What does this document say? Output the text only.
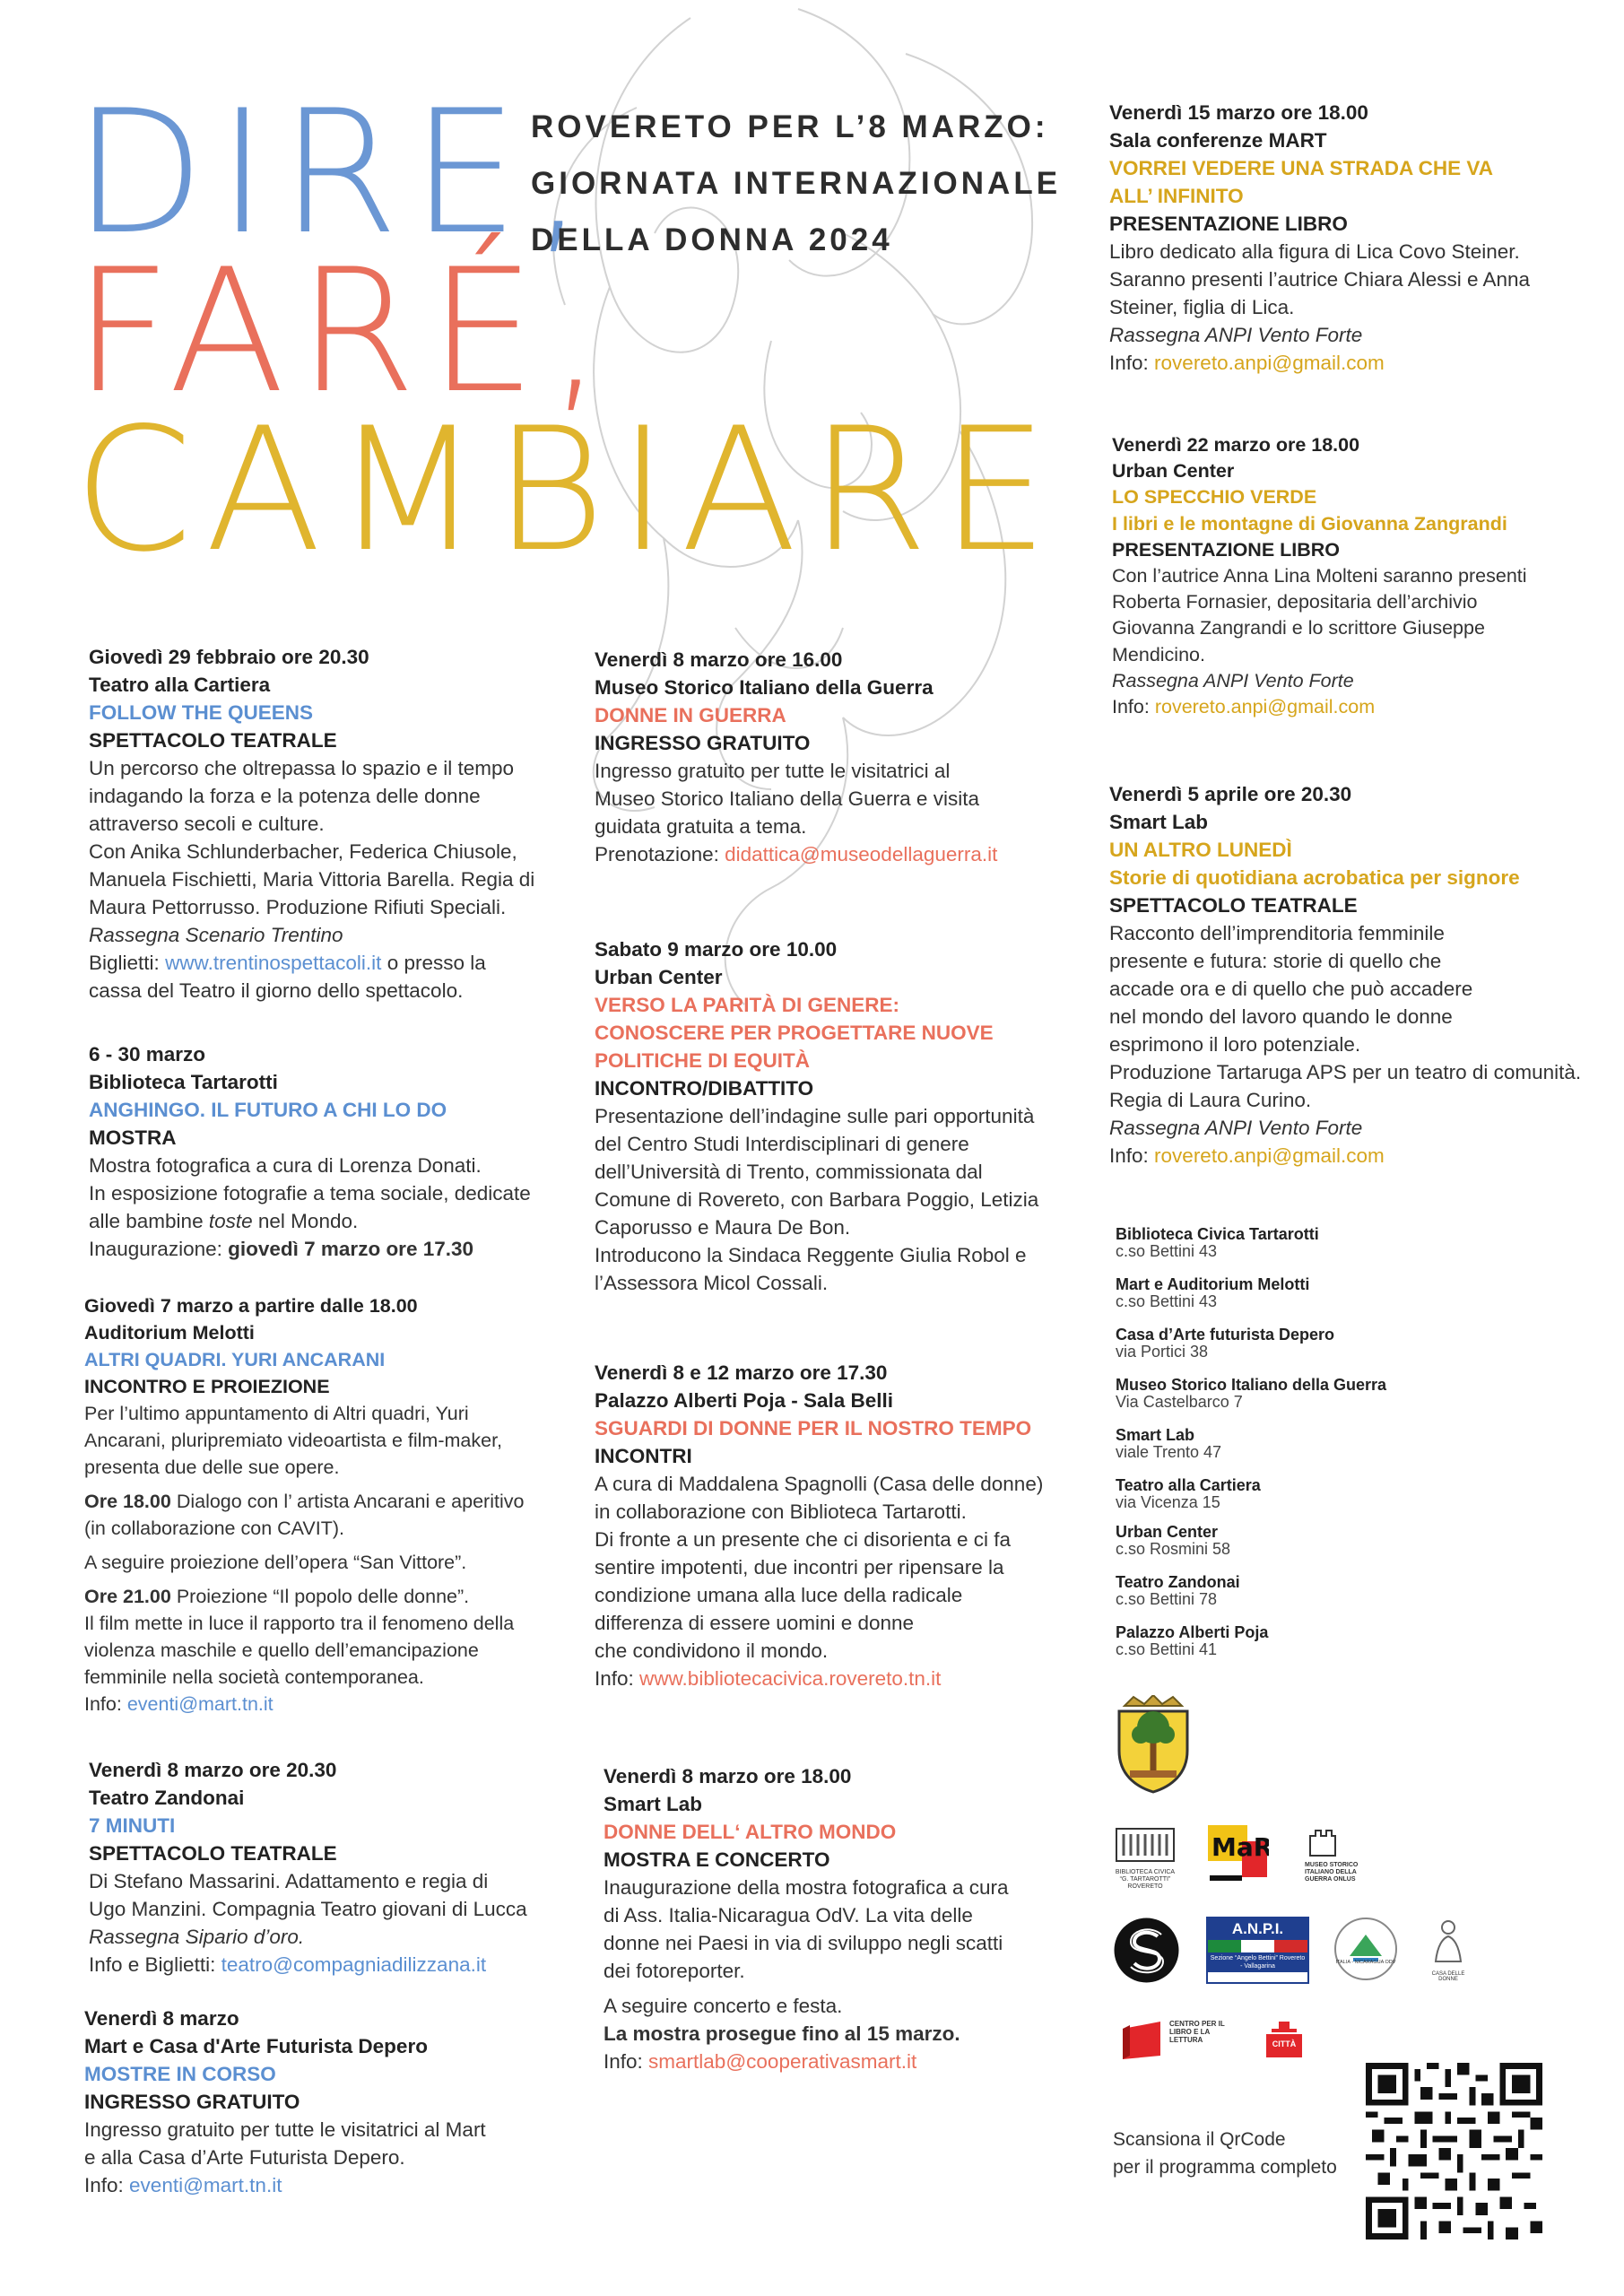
DIRE,
FARÉ,
CAMBIARE
ROVERETO PER L’8 MARZO:
GIORNATA INTERNAZIONALE
DELLA DONNA 2024

Giovedì 29 febbraio ore 20.30

Teatro alla Cartiera

FOLLOW THE QUEENS

SPETTACOLO TEATRALE

Un percorso che oltrepassa lo spazio e il tempo

indagando la forza e la potenza delle donne

attraverso secoli e culture.

Con Anika Schlunderbacher, Federica Chiusole,

Manuela Fischietti, Maria Vittoria Barella. Regia di

Maura Pettorrusso. Produzione Rifiuti Speciali.

Rassegna Scenario Trentino

Biglietti: www.trentinospettacoli.it o presso la

cassa del Teatro il giorno dello spettacolo.

6 - 30 marzo

Biblioteca Tartarotti

ANGHINGO. IL FUTURO A CHI LO DO

MOSTRA

Mostra fotografica a cura di Lorenza Donati.

In esposizione fotografie a tema sociale, dedicate

alle bambine toste nel Mondo.

Inaugurazione: giovedì 7 marzo ore 17.30

Giovedì 7 marzo a partire dalle 18.00

Auditorium Melotti

ALTRI QUADRI. YURI ANCARANI

INCONTRO E PROIEZIONE

Per l’ultimo appuntamento di Altri quadri, Yuri

Ancarani, pluripremiato videoartista e film-maker,

presenta due delle sue opere.

Ore 18.00 Dialogo con l’ artista Ancarani e aperitivo

(in collaborazione con CAVIT).

A seguire proiezione dell’opera “San Vittore”.

Ore 21.00 Proiezione “Il popolo delle donne”.

Il film mette in luce il rapporto tra il fenomeno della

violenza maschile e quello dell’emancipazione

femminile nella società contemporanea.

Info: eventi@mart.tn.it

Venerdì 8 marzo ore 20.30

Teatro Zandonai

7 MINUTI

SPETTACOLO TEATRALE

Di Stefano Massarini. Adattamento e regia di

Ugo Manzini. Compagnia Teatro giovani di Lucca

Rassegna Sipario d’oro.

Info e Biglietti: teatro@compagniadilizzana.it

Venerdì 8 marzo

Mart e Casa d'Arte Futurista Depero

MOSTRE IN CORSO

INGRESSO GRATUITO

Ingresso gratuito per tutte le visitatrici al Mart

e alla Casa d’Arte Futurista Depero.

Info: eventi@mart.tn.it

Venerdì 8 marzo ore 16.00

Museo Storico Italiano della Guerra

DONNE IN GUERRA

INGRESSO GRATUITO

Ingresso gratuito per tutte le visitatrici al

Museo Storico Italiano della Guerra e visita

guidata gratuita a tema.

Prenotazione: didattica@museodellaguerra.it

Sabato 9 marzo ore 10.00

Urban Center

VERSO LA PARITÀ DI GENERE:

CONOSCERE PER PROGETTARE NUOVE

POLITICHE DI EQUITÀ

INCONTRO/DIBATTITO

Presentazione dell’indagine sulle pari opportunità

del Centro Studi Interdisciplinari di genere

dell’Università di Trento, commissionata dal

Comune di Rovereto, con Barbara Poggio, Letizia

Caporusso e Maura De Bon.

Introducono la Sindaca Reggente Giulia Robol e

l’Assessora Micol Cossali.

Venerdì 8 e 12 marzo ore 17.30

Palazzo Alberti Poja - Sala Belli

SGUARDI DI DONNE PER IL NOSTRO TEMPO

INCONTRI

A cura di Maddalena Spagnolli (Casa delle donne)

in collaborazione con Biblioteca Tartarotti.

Di fronte a un presente che ci disorienta e ci fa

sentire impotenti, due incontri per ripensare la

condizione umana alla luce della radicale

differenza di essere uomini e donne

che condividono il mondo.

Info: www.bibliotecacivica.rovereto.tn.it

Venerdì 8 marzo ore 18.00

Smart Lab

DONNE DELL‘ ALTRO MONDO

MOSTRA E CONCERTO

Inaugurazione della mostra fotografica a cura

di Ass. Italia-Nicaragua OdV. La vita delle

donne nei Paesi in via di sviluppo negli scatti

dei fotoreporter.

A seguire concerto e festa.

La mostra prosegue fino al 15 marzo.

Info: smartlab@cooperativasmart.it

Venerdì 15 marzo ore 18.00

Sala conferenze MART

VORREI VEDERE UNA STRADA CHE VA

ALL’ INFINITO

PRESENTAZIONE LIBRO

Libro dedicato alla figura di Lica Covo Steiner.

Saranno presenti l’autrice Chiara Alessi e Anna

Steiner, figlia di Lica.

Rassegna ANPI Vento Forte

Info: rovereto.anpi@gmail.com

Venerdì 22 marzo ore 18.00

Urban Center

LO SPECCHIO VERDE

I libri e le montagne di Giovanna Zangrandi

PRESENTAZIONE LIBRO

Con l’autrice Anna Lina Molteni saranno presenti

Roberta Fornasier, depositaria dell’archivio

Giovanna Zangrandi e lo scrittore Giuseppe

Mendicino.

Rassegna ANPI Vento Forte

Info: rovereto.anpi@gmail.com

Venerdì 5 aprile ore 20.30

Smart Lab

UN ALTRO LUNEDÌ

Storie di quotidiana acrobatica per signore

SPETTACOLO TEATRALE

Racconto dell’imprenditoria femminile

presente e futura: storie di quello che

accade ora e di quello che può accadere

nel mondo del lavoro quando le donne

esprimono il loro potenziale.

Produzione Tartaruga APS per un teatro di comunità.

Regia di Laura Curino.

Rassegna ANPI Vento Forte

Info: rovereto.anpi@gmail.com

Biblioteca Civica Tartarotti
c.so Bettini 43
Mart e Auditorium Melotti
c.so Bettini 43
Casa d’Arte futurista Depero
via Portici 38
Museo Storico Italiano della Guerra
Via Castelbarco 7
Smart Lab
viale Trento 47
Teatro alla Cartiera
via Vicenza 15
Urban Center
c.so Rosmini 58
Teatro Zandonai
c.so Bettini 78
Palazzo Alberti Poja
c.so Bettini 41
BIBLIOTECA CIVICA “G. TARTAROTTI” ROVERETO
MaR
MUSEO STORICO ITALIANO DELLA GUERRA ONLUS
A.N.P.I.
Sezione “Angelo Bettini” Rovereto - Vallagarina
ITALIA - NICARAGUA ODV
CASA DELLE DONNE
CENTRO PER IL LIBRO E LA LETTURA	CITTÀ
Scansiona il QrCode
per il programma completo
